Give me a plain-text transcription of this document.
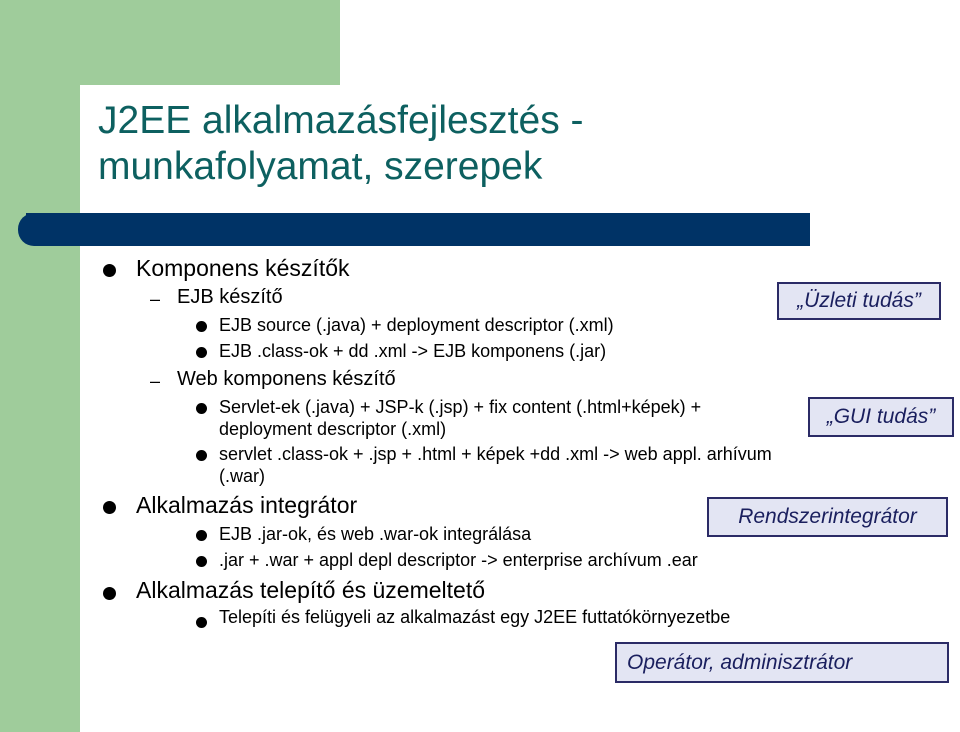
J2EE alkalmazásfejlesztés -
munkafolyamat, szerepek

Komponens készítők

– EJB készítő

EJB source (.java) + deployment descriptor (.xml)

EJB .class-ok + dd .xml -> EJB komponens (.jar)

– Web komponens készítő

Servlet-ek (.java) + JSP-k (.jsp) + fix content (.html+képek) +

deployment descriptor (.xml)

servlet .class-ok + .jsp + .html + képek +dd .xml -> web appl. arhívum

(.war)

Alkalmazás integrátor

EJB .jar-ok, és web .war-ok integrálása

.jar + .war + appl depl descriptor -> enterprise archívum .ear

Alkalmazás telepítő és üzemeltető

Telepíti és felügyeli az alkalmazást egy J2EE futtatókörnyezetbe

„Üzleti tudás”
„GUI tudás”
Rendszerintegrátor
Operátor, adminisztrátor
